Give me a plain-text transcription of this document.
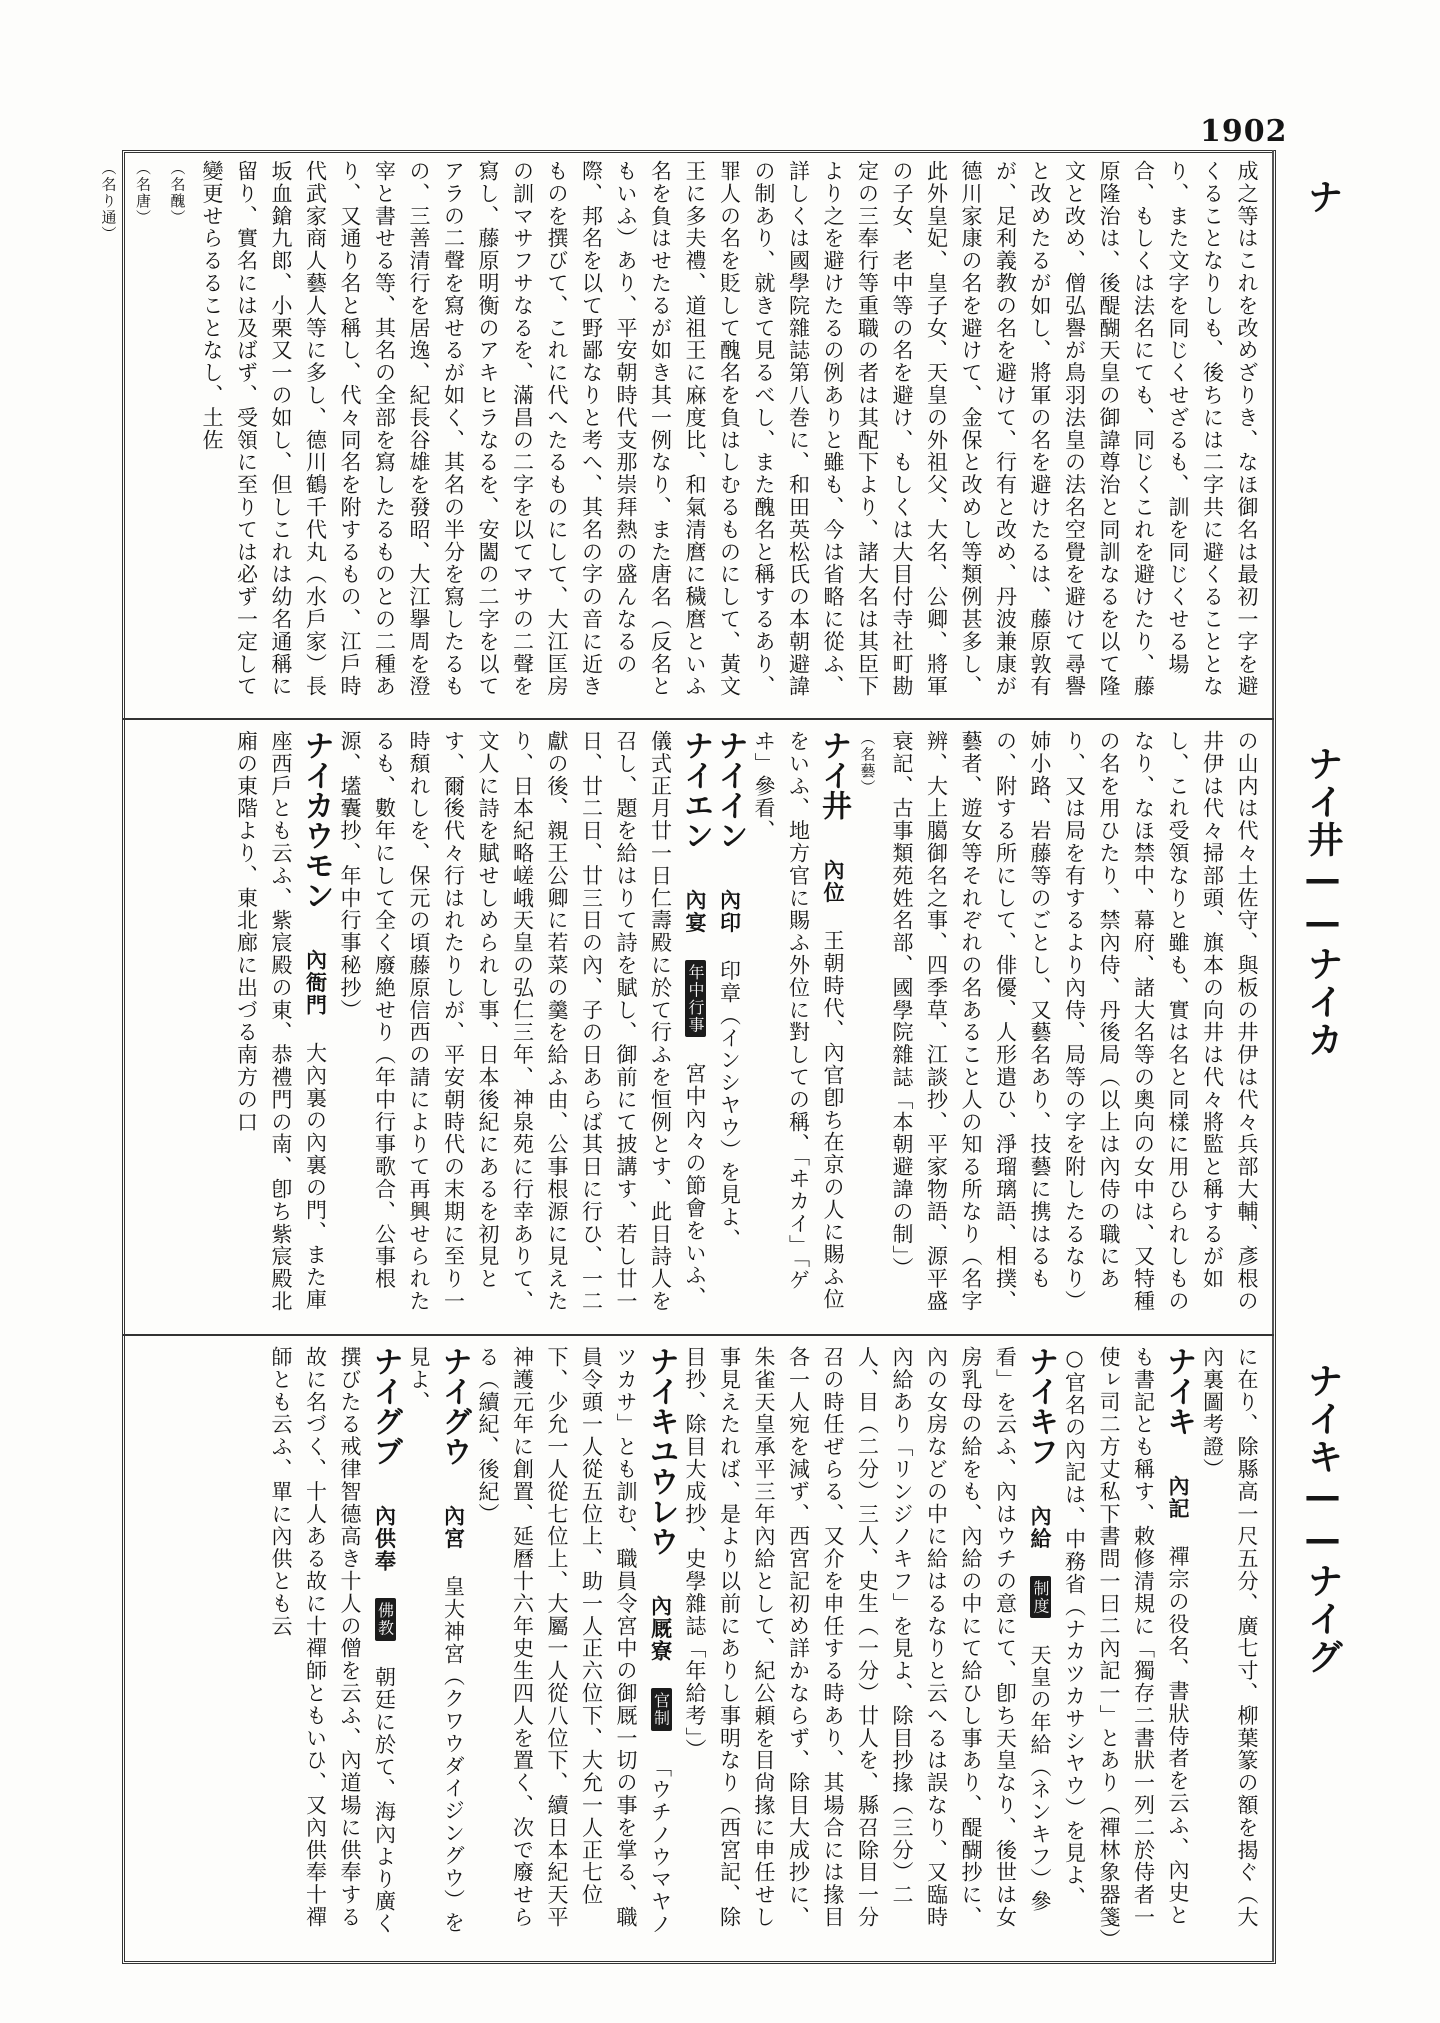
1902
ナ
ナイ井——ナイカ
ナイキ——ナイグ

成之等はこれを改めざりき、なほ御名は最初一字を避くることなりしも、後ちには二字共に避くることとなり、また文字を同じくせざるも、訓を同じくせる場合、もしくは法名にても、同じくこれを避けたり、藤原隆治は、後醍醐天皇の御諱尊治と同訓なるを以て隆文と改め、僧弘譽が鳥羽法皇の法名空覺を避けて尋譽と改めたるが如し、將軍の名を避けたるは、藤原敦有が、足利義教の名を避けて、行有と改め、丹波兼康が德川家康の名を避けて、金保と改めし等類例甚多し、此外皇妃、皇子女、天皇の外祖父、大名、公卿、將軍の子女、老中等の名を避け、もしくは大目付寺社町勘定の三奉行等重職の者は其配下より、諸大名は其臣下より之を避けたるの例ありと雖も、今は省略に從ふ、詳しくは國學院雜誌第八巻に、和田英松氏の本朝避諱の制あり、就きて見るべし、また醜名と稱するあり、罪人の名を貶して醜名を負はしむるものにして、黃文王に多夫禮、道祖王に麻度比、和氣清麿に穢麿といふ名を負はせたるが如き其一例なり、また唐名（反名ともいふ）あり、平安朝時代支那崇拜熱の盛んなるの際、邦名を以て野鄙なりと考へ、其名の字の音に近きものを撰びて、これに代へたるものにして、大江匡房の訓マサフサなるを、滿昌の二字を以てマサの二聲を寫し、藤原明衡のアキヒラなるを、安闔の二字を以てアラの二聲を寫せるが如く、其名の半分を寫したるもの、三善清行を居逸、紀長谷雄を發昭、大江擧周を澄宰と書せる等、其名の全部を寫したるものとの二種あり、又通り名と稱し、代々同名を附するもの、江戶時代武家商人藝人等に多し、德川鶴千代丸（水戶家）長坂血鎗九郎、小栗又一の如し、但しこれは幼名通稱に留り、實名には及ばず、受領に至りては必ず一定して變更せらるることなし、土佐

（名醜）

（名唐）

（名り通）

の山内は代々土佐守、與板の井伊は代々兵部大輔、彥根の井伊は代々掃部頭、旗本の向井は代々將監と稱するが如し、これ受領なりと雖も、實は名と同樣に用ひられしものなり、なほ禁中、幕府、諸大名等の奧向の女中は、又特種の名を用ひたり、禁內侍、丹後局（以上は內侍の職にあり、又は局を有するより內侍、局等の字を附したるなり）姉小路、岩藤等のごとし、又藝名あり、技藝に携はるもの、附する所にして、俳優、人形遣ひ、淨瑠璃語、相撲、藝者、遊女等それぞれの名あること人の知る所なり（名字辨、大上臈御名之事、四季草、江談抄、平家物語、源平盛衰記、古事類苑姓名部、國學院雜誌「本朝避諱の制」）

（名藝）

ナイ井 內位 王朝時代、內官卽ち在京の人に賜ふ位をいふ、地方官に賜ふ外位に對しての稱、「ヰカイ」「ゲヰ」參看、

ナイイン 內印 印章（インシヤウ）を見よ、

ナイエン 內宴 年中行事 宮中內々の節會をいふ、儀式正月廿一日仁壽殿に於て行ふを恒例とす、此日詩人を召し、題を給はりて詩を賦し、御前にて披講す、若し廿一日、廿二日、廿三日の內、子の日あらば其日に行ひ、一二獻の後、親王公卿に若菜の羹を給ふ由、公事根源に見えたり、日本紀略嵯峨天皇の弘仁三年、神泉苑に行幸ありて、文人に詩を賦せしめられし事、日本後紀にあるを初見とす、爾後代々行はれたりしが、平安朝時代の末期に至り一時頹れしを、保元の頃藤原信西の請によりて再興せられたるも、數年にして全く廢絶せり（年中行事歌合、公事根源、壒囊抄、年中行事秘抄）

ナイカウモン 內衙門 大內裏の內裏の門、また庫座西戶とも云ふ、紫宸殿の東、恭禮門の南、卽ち紫宸殿北廂の東階より、東北廊に出づる南方の口

に在り、除縣高一尺五分、廣七寸、柳葉篆の額を揭ぐ（大內裏圖考證）

ナイキ 內記 禪宗の役名、書狀侍者を云ふ、內史とも書記とも稱す、敕修清規に「獨存二書狀一列二於侍者一使ㇾ司二方丈私下書問一曰二內記一」とあり（禪林象器箋）○官名の內記は、中務省（ナカツカサシヤウ）を見よ、

ナイキフ 內給 制度 天皇の年給（ネンキフ）參看」を云ふ、內はウチの意にて、卽ち天皇なり、後世は女房乳母の給をも、內給の中にて給ひし事あり、醍醐抄に、內の女房などの中に給はるなりと云へるは誤なり、又臨時內給あり「リンジノキフ」を見よ、除目抄掾（三分）二人、目（二分）三人、史生（一分）廿人を、縣召除目一分召の時任ぜらる、又介を申任する時あり、其場合には掾目各一人宛を減ず、西宮記初め詳かならず、除目大成抄に、朱雀天皇承平三年內給として、紀公頼を目尙掾に申任せし事見えたれば、是より以前にありし事明なり（西宮記、除目抄、除目大成抄、史學雜誌「年給考」）

ナイキユウレウ 內厩寮 官制 「ウチノウマヤノツカサ」とも訓む、職員令宮中の御厩一切の事を掌る、職員令頭一人從五位上、助一人正六位下、大允一人正七位下、少允一人從七位上、大屬一人從八位下、續日本紀天平神護元年に創置、延曆十六年史生四人を置く、次で廢せらる（續紀、後紀）

ナイグウ 內宮 皇大神宮（クワウダイジングウ）を見よ、

ナイグブ 內供奉 佛教 朝廷に於て、海內より廣く撰びたる戒律智德高き十人の僧を云ふ、內道場に供奉する故に名づく、十人ある故に十禪師ともいひ、又內供奉十禪師とも云ふ、單に內供とも云
